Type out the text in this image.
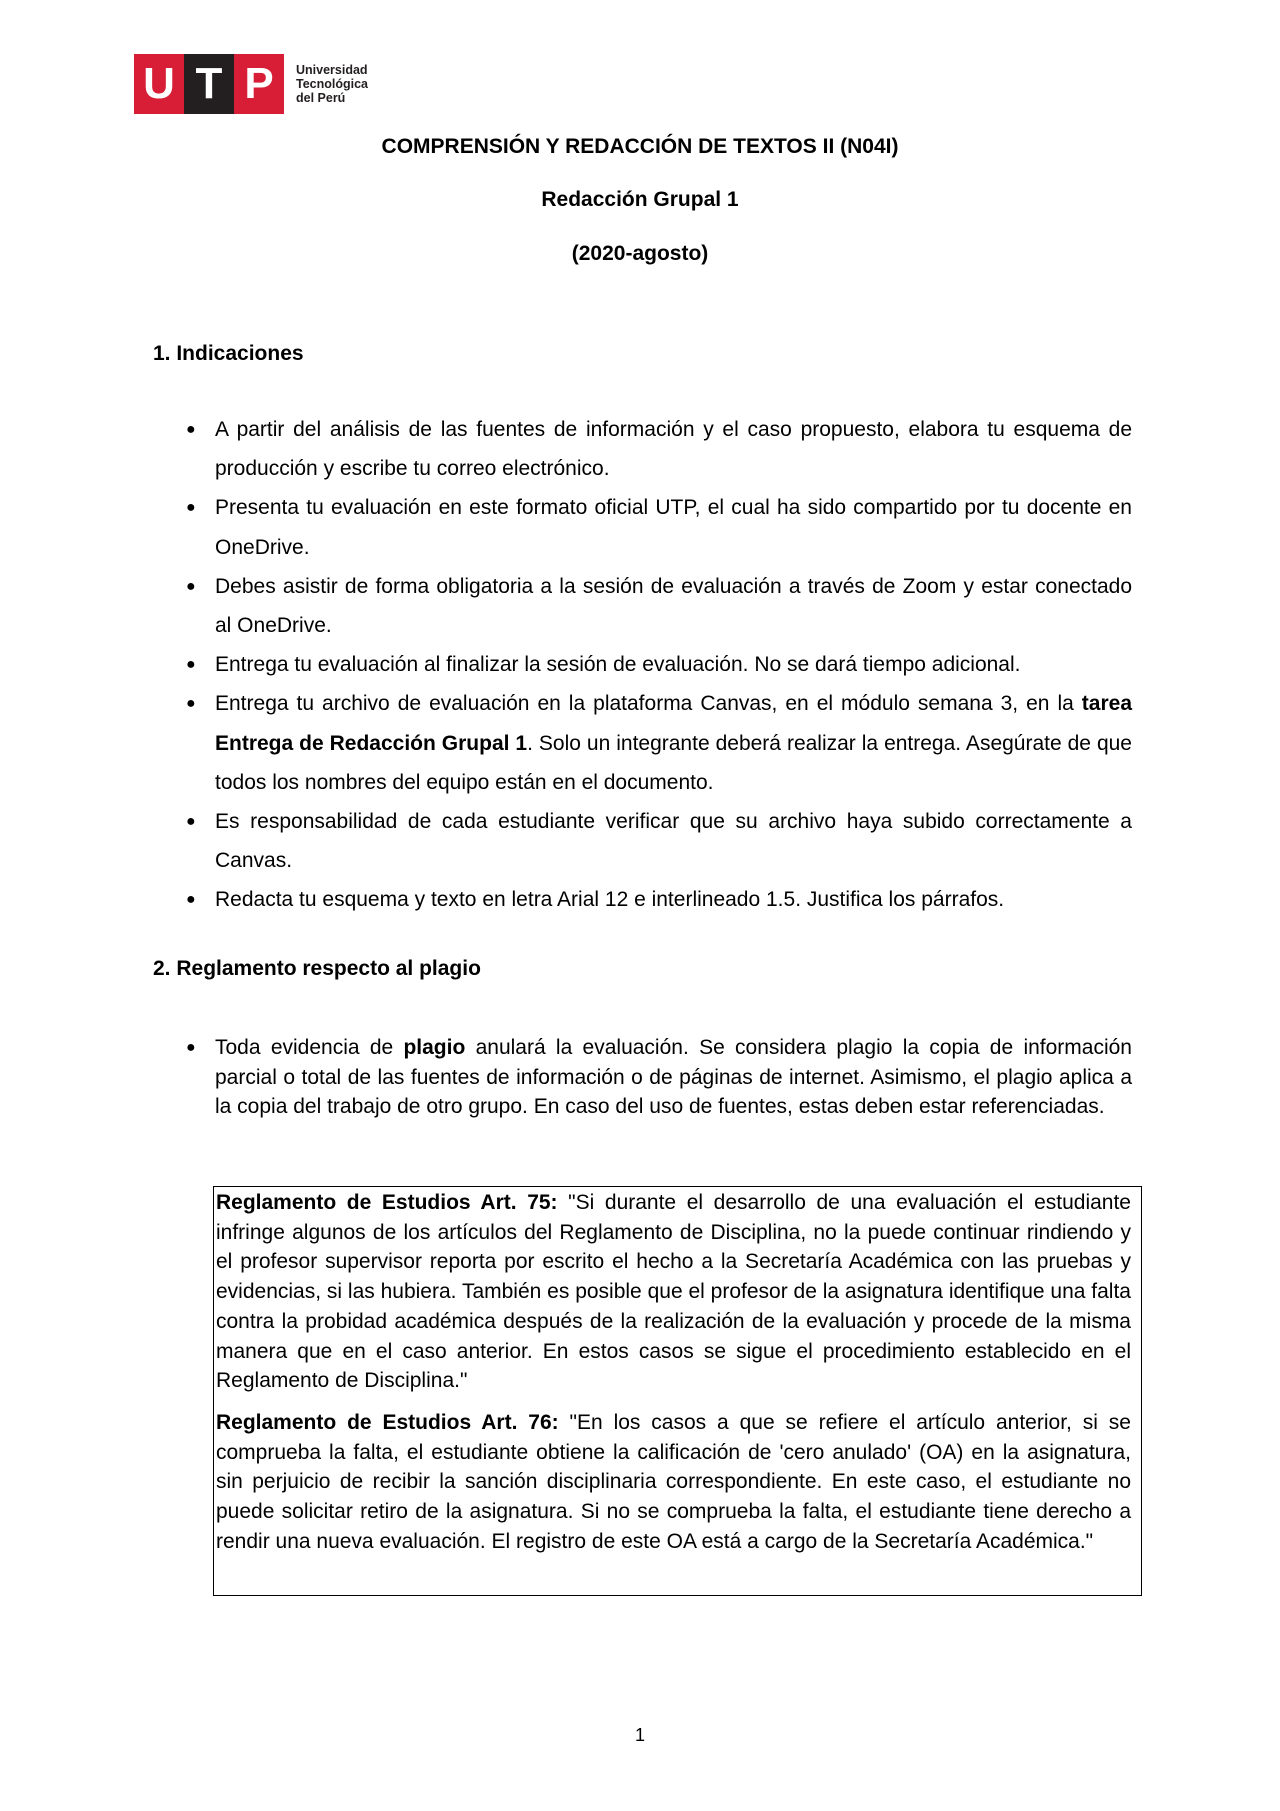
U T P	Universidad
Tecnológica
del Perú
COMPRENSIÓN Y REDACCIÓN DE TEXTOS II (N04I)
Redacción Grupal 1
(2020-agosto)
1. Indicaciones
● A partir del análisis de las fuentes de información y el caso propuesto, elabora tu esquema de producción y escribe tu correo electrónico.
● Presenta tu evaluación en este formato oficial UTP, el cual ha sido compartido por tu docente en OneDrive.
● Debes asistir de forma obligatoria a la sesión de evaluación a través de Zoom y estar conectado al OneDrive.
● Entrega tu evaluación al finalizar la sesión de evaluación. No se dará tiempo adicional.
● Entrega tu archivo de evaluación en la plataforma Canvas, en el módulo semana 3, en la tarea Entrega de Redacción Grupal 1. Solo un integrante deberá realizar la entrega. Asegúrate de que todos los nombres del equipo están en el documento.
● Es responsabilidad de cada estudiante verificar que su archivo haya subido correctamente a Canvas.
● Redacta tu esquema y texto en letra Arial 12 e interlineado 1.5. Justifica los párrafos.
2. Reglamento respecto al plagio
● Toda evidencia de plagio anulará la evaluación. Se considera plagio la copia de información parcial o total de las fuentes de información o de páginas de internet. Asimismo, el plagio aplica a la copia del trabajo de otro grupo. En caso del uso de fuentes, estas deben estar referenciadas.

Reglamento de Estudios Art. 75: "Si durante el desarrollo de una evaluación el estudiante infringe algunos de los artículos del Reglamento de Disciplina, no la puede continuar rindiendo y el profesor supervisor reporta por escrito el hecho a la Secretaría Académica con las pruebas y evidencias, si las hubiera. También es posible que el profesor de la asignatura identifique una falta contra la probidad académica después de la realización de la evaluación y procede de la misma manera que en el caso anterior. En estos casos se sigue el procedimiento establecido en el Reglamento de Disciplina."

Reglamento de Estudios Art. 76: "En los casos a que se refiere el artículo anterior, si se comprueba la falta, el estudiante obtiene la calificación de 'cero anulado' (OA) en la asignatura, sin perjuicio de recibir la sanción disciplinaria correspondiente. En este caso, el estudiante no puede solicitar retiro de la asignatura. Si no se comprueba la falta, el estudiante tiene derecho a rendir una nueva evaluación. El registro de este OA está a cargo de la Secretaría Académica."

1
